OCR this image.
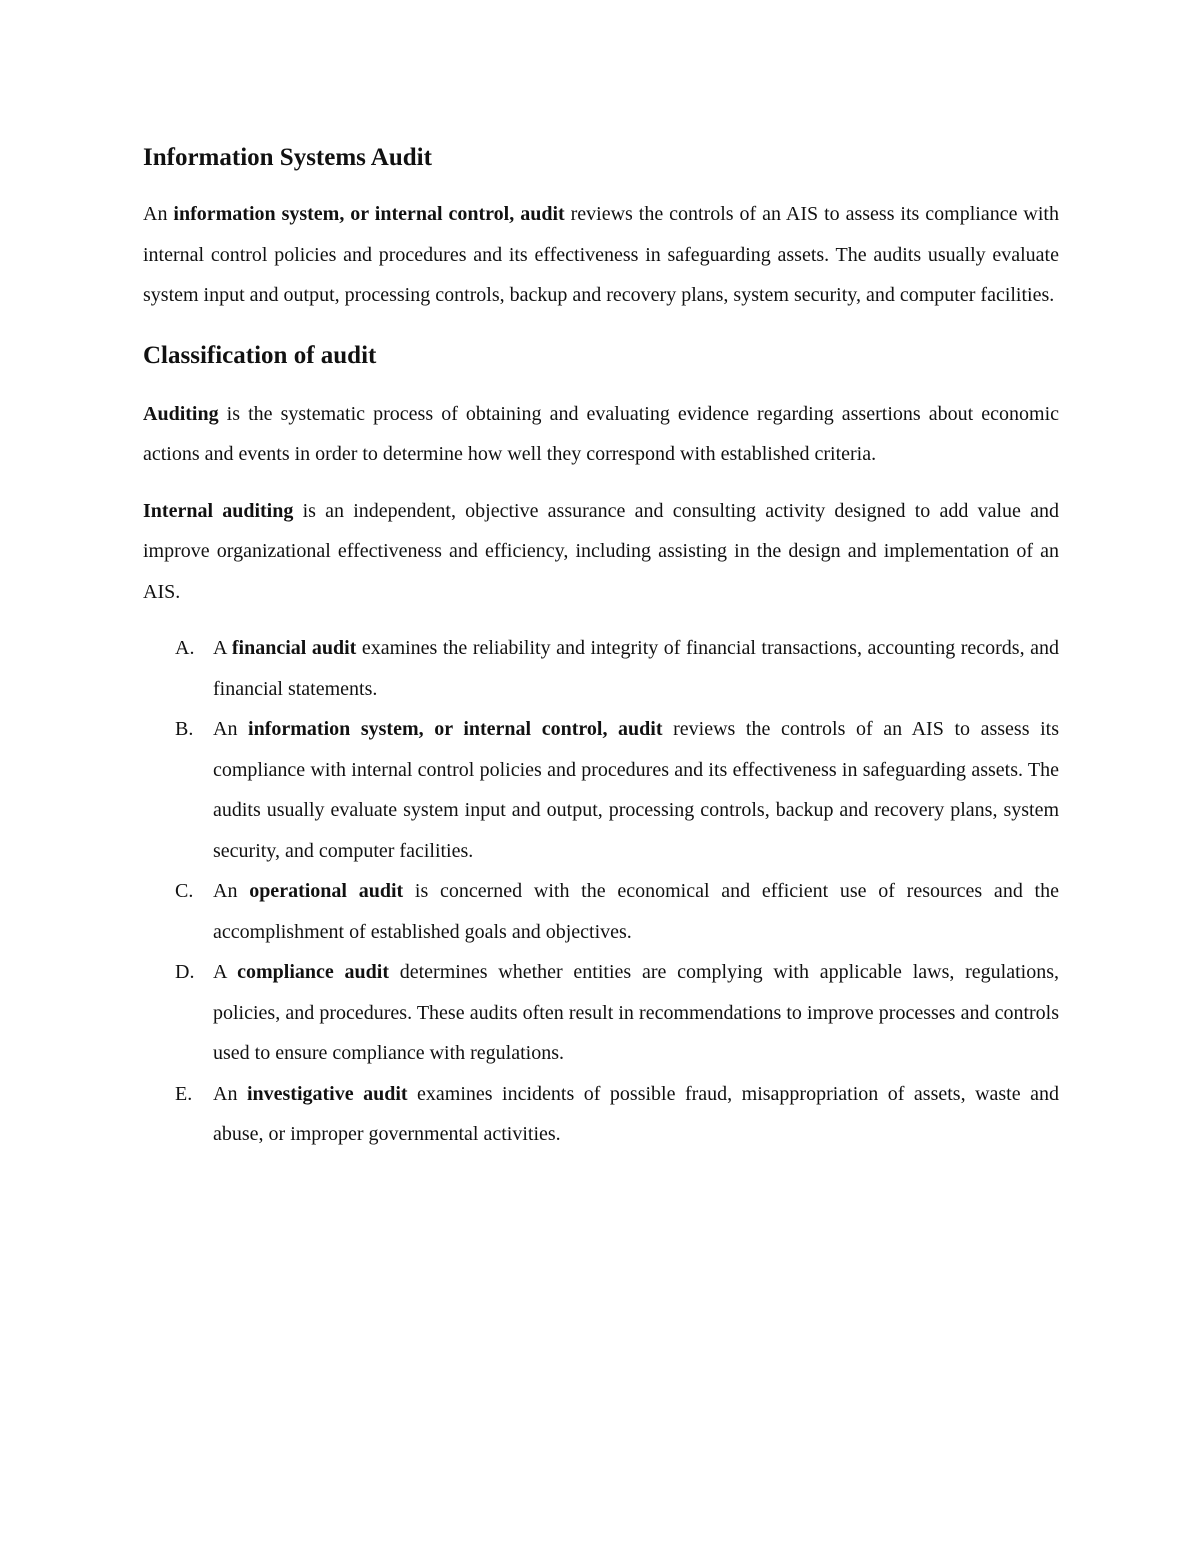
Information Systems Audit

An information system, or internal control, audit reviews the controls of an AIS to assess its compliance with internal control policies and procedures and its effectiveness in safeguarding assets. The audits usually evaluate system input and output, processing controls, backup and recovery plans, system security, and computer facilities.

Classification of audit

Auditing is the systematic process of obtaining and evaluating evidence regarding assertions about economic actions and events in order to determine how well they correspond with established criteria.

Internal auditing is an independent, objective assurance and consulting activity designed to add value and improve organizational effectiveness and efficiency, including assisting in the design and implementation of an AIS.

A. A financial audit examines the reliability and integrity of financial transactions, accounting records, and financial statements.
B. An information system, or internal control, audit reviews the controls of an AIS to assess its compliance with internal control policies and procedures and its effectiveness in safeguarding assets. The audits usually evaluate system input and output, processing controls, backup and recovery plans, system security, and computer facilities.
C. An operational audit is concerned with the economical and efficient use of resources and the accomplishment of established goals and objectives.
D. A compliance audit determines whether entities are complying with applicable laws, regulations, policies, and procedures. These audits often result in recommendations to improve processes and controls used to ensure compliance with regulations.
E. An investigative audit examines incidents of possible fraud, misappropriation of assets, waste and abuse, or improper governmental activities.
